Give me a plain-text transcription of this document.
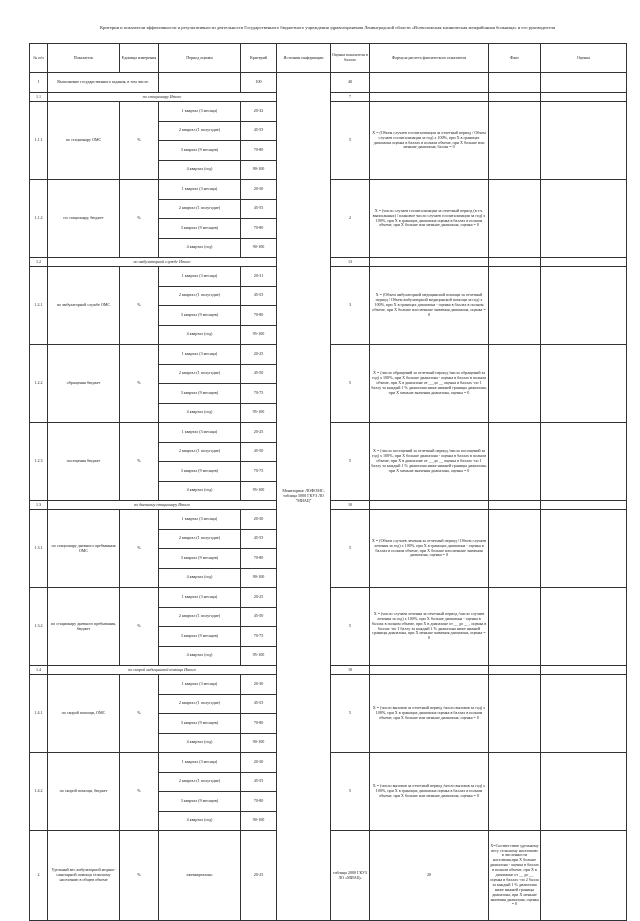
Критерии и показатели эффективности и результативности деятельности Государственного бюджетного учреждения здравоохранения Ленинградской области «Всеволожская клиническая межрайонная больница» и его руководителя
№ п/п	Показатель	Единица измерения	Период оценки	Критерий	Источник информации	Оценка показателя в баллах	Формула расчета фактического показателя	Факт	Оценка	
1	Выполнение государственного задания, в том числе:			100	Мониторинг ЛОФОМС, таблица 5000 ГКУЗ ЛО "МИАЦ"	40				
1.1	по стационару Итого					7				
1.1.1	по стационару ОМС	%	1 квартал (3 месяца)	20-32		5	Х = (Объем случаев госпитализации за отчетный период / Объем случаев госпитализации за год) х 100%, при Х в границах диапазона оценка в баллах в полном объеме, при Х больше или меньше диапазона, баллы = 0			
			2 квартал (1 полугодие)	45-55						
			3 квартал (9 месяцев)	70-80						
			4 квартал (год)	90-100						
1.1.2	по стационару, бюджет	%	1 квартал (3 месяца)	20-30		2	Х = (число случаев госпитализации за отчетный период (в т.ч. выписанных) / плановое число случаев госпитализации за год) х 100%, при Х в границах диапазона оценка в баллах в полном объеме, при Х больше или меньше диапазона, оценка = 0			
			2 квартал (1 полугодие)	45-55						
			3 квартал (9 месяцев)	70-80						
			4 квартал (год)	90-100						
1.2	по амбулаторной службе Итого					13				
1.2.1	по амбулаторной службе ОМС	%	1 квартал (3 месяца)	20-31		3	Х = (Объем амбулаторной медицинской помощи за отчетный период / Объем амбулаторной медицинской помощи за год) х 100%, при Х в границах диапазона - оценка в баллах в полном объеме, при Х больше или меньше значения диапазона, оценка = 0			
			2 квартал (1 полугодие)	45-55						
			3 квартал (9 месяцев)	70-80						
			4 квартал (год)	95-100						
1.2.2	обращения бюджет	%	1 квартал (3 месяца)	20-25		5	Х = (число обращений за отчетный период /число обращений за год) х 100%, при Х больше диапазона - оценка в баллах в полном объеме, при Х в диапазоне от __ до __ оценка в баллах -по 1 баллу за каждый 1 % диапазона ниже нижней границы диапазона, при Х меньше значения диапазона, оценка = 0			
			2 квартал (1 полугодие)	45-50						
			3 квартал (9 месяцев)	70-75						
			4 квартал (год)	95-100						
1.2.3	посещения бюджет	%	1 квартал (3 месяца)	20-25		5	Х = (число посещений за отчетный период /число посещений за год) х 100%, при Х больше диапазона - оценка в баллах в полном объеме, при Х в диапазоне от __ до __ оценка в баллах -по 1 баллу за каждый 1 % диапазона ниже нижней границы диапазона, при Х меньше значения диапазона, оценка = 0			
			2 квартал (1 полугодие)	45-50						
			3 квартал (9 месяцев)	70-75						
			4 квартал (год)	95-100						
1.3	по дневному стационару Итого					10				
1.3.1	по стационару дневного пребывания ОМС	%	1 квартал (3 месяца)	20-30		5	Х = (Объем случаев лечения за отчетный период / Объем случаев лечения за год) х 100%, при Х в границах диапазона - оценка в баллах в полном объеме, при Х больше или меньше значения диапазона, оценка = 0			
			2 квартал (1 полугодие)	45-55						
			3 квартал (9 месяцев)	70-80						
			4 квартал (год)	90-100						
1.3.2	по стационару дневного пребывания, бюджет	%	1 квартал (3 месяца)	20-25		5	Х = (число случаев лечения за отчетный период /число случаев лечения за год) х 100%, при Х больше диапазона - оценка в баллах в полном объеме, при Х в диапазоне от __ до __ , оценка в баллах -по 1 баллу за каждый 1 % диапазона ниже нижней границы диапазона, при Х меньше значения диапазона, оценка = 0			
			2 квартал (1 полугодие)	45-50						
			3 квартал (9 месяцев)	70-75						
			4 квартал (год)	95-100						
1.4	по скорой медицинской помощи Итого					10				
1.4.1	по скорой помощи, ОМС	%	1 квартал (3 месяца)	20-30		5	Х = (число вызовов за отчетный период /число вызовов за год) х 100%, при Х в границах диапазона оценка в баллах в полном объеме, при Х больше или меньше диапазона, оценка = 0			
			2 квартал (1 полугодие)	45-55						
			3 квартал (9 месяцев)	70-80						
			4 квартал (год)	90-100						
1.4.2	по скорой помощи, бюджет	%	1 квартал (3 месяца)	20-30		5	Х = (число вызовов за отчетный период /число вызовов за год) х 100%, при Х в границах диапазона оценка в баллах в полном объеме, при Х больше или меньше диапазона, оценка = 0			
			2 квартал (1 полугодие)	45-55						
			3 квартал (9 месяцев)	70-80						
			4 квартал (год)	90-100						
2	Удельный вес амбулаторной медико-санитарной помощи сельскому населению в общем объеме	%	ежеквартально	20-25		таблица 2000 ГКУЗ ЛО «МИАЦ»	20	Х=Соответствие удельному весу сельскому населению в численности населения,при Х больше диапазона - оценка в баллах в полном объеме, при Х в диапазоне от __ до __ оценка в баллах -по 2 балла за каждый 1 % диапазона ниже нижней границы диапазона, при Х меньше значения диапазона, оценка = 0		
